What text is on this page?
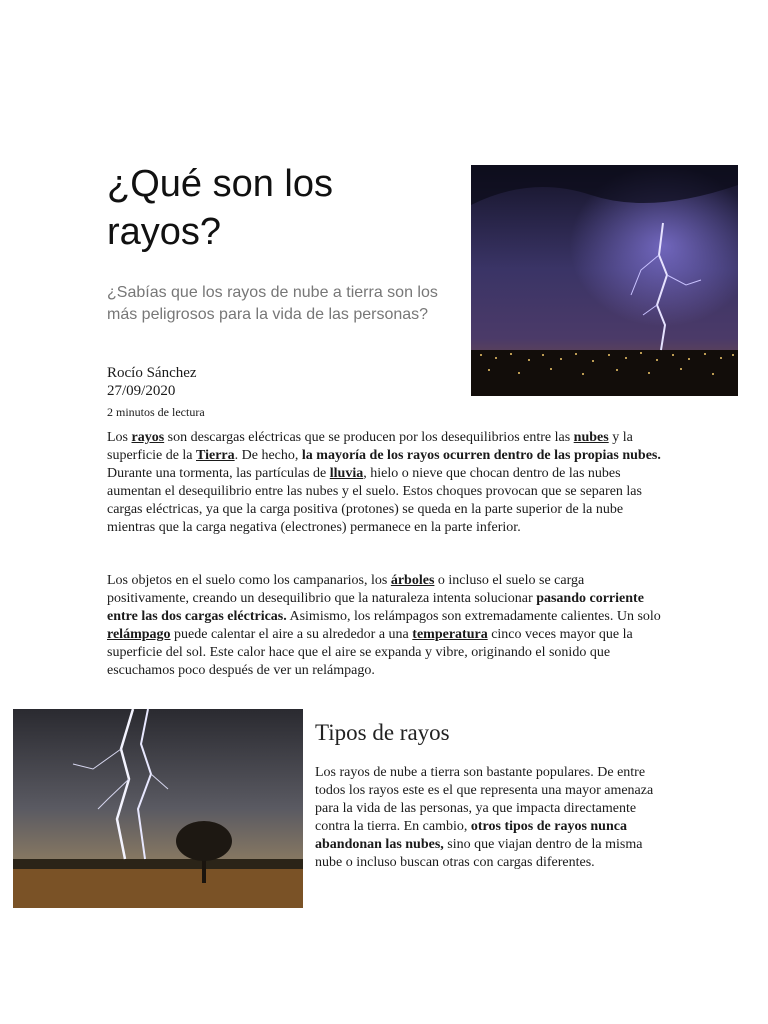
¿Qué son los rayos?

¿Sabías que los rayos de nube a tierra son los más peligrosos para la vida de las personas?

Rocío Sánchez
27/09/2020
2 minutos de lectura

Los rayos son descargas eléctricas que se producen por los desequilibrios entre las nubes y la superficie de la Tierra. De hecho, la mayoría de los rayos ocurren dentro de las propias nubes. Durante una tormenta, las partículas de lluvia, hielo o nieve que chocan dentro de las nubes aumentan el desequilibrio entre las nubes y el suelo. Estos choques provocan que se separen las cargas eléctricas, ya que la carga positiva (protones) se queda en la parte superior de la nube mientras que la carga negativa (electrones) permanece en la parte inferior.

Los objetos en el suelo como los campanarios, los árboles o incluso el suelo se carga positivamente, creando un desequilibrio que la naturaleza intenta solucionar pasando corriente entre las dos cargas eléctricas. Asimismo, los relámpagos son extremadamente calientes. Un solo relámpago puede calentar el aire a su alrededor a una temperatura cinco veces mayor que la superficie del sol. Este calor hace que el aire se expanda y vibre, originando el sonido que escuchamos poco después de ver un relámpago.

Tipos de rayos

Los rayos de nube a tierra son bastante populares. De entre todos los rayos este es el que representa una mayor amenaza para la vida de las personas, ya que impacta directamente contra la tierra. En cambio, otros tipos de rayos nunca abandonan las nubes, sino que viajan dentro de la misma nube o incluso buscan otras con cargas diferentes.
